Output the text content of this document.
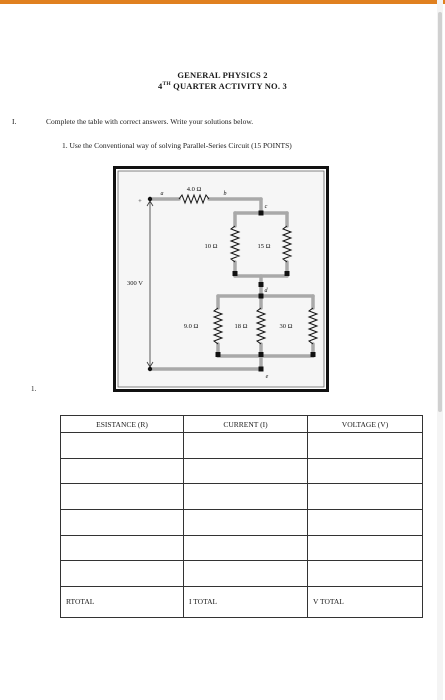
GENERAL PHYSICS 2
4TH QUARTER ACTIVITY NO. 3
I.	Complete the table with correct answers. Write your solutions below.
1. Use the Conventional way of solving Parallel-Series Circuit (15 POINTS)
1.
4.0 Ω
10 Ω	15 Ω
9.0 Ω	18 Ω	30 Ω
300 V
+
a	b
c
d
e
ESISTANCE (R)	CURRENT (I)	VOLTAGE (V)

RTOTAL	I TOTAL	V TOTAL
